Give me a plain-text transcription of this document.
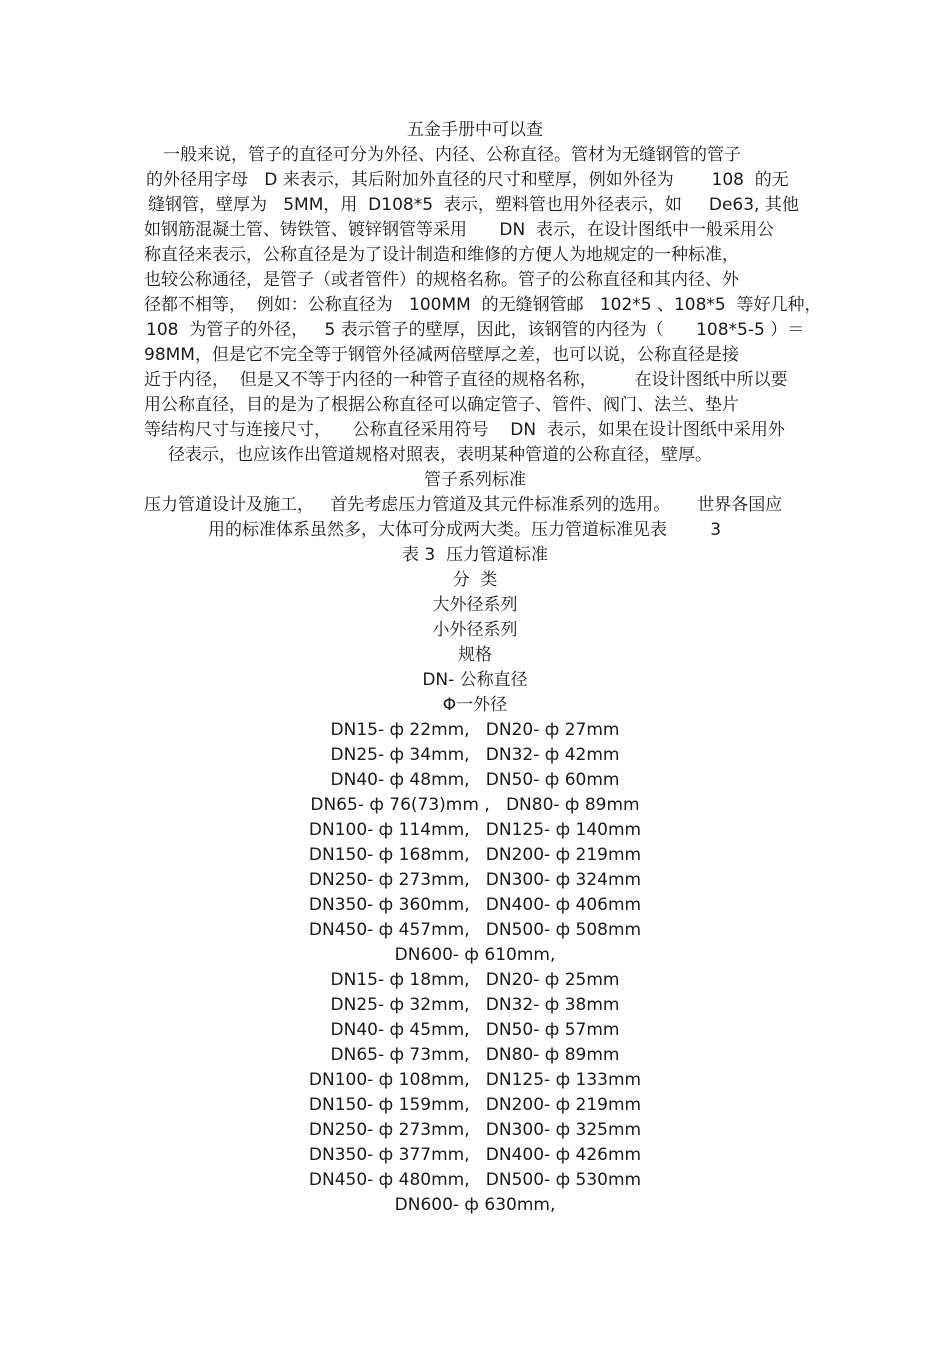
五金手册中可以查
一般来说，管子的直径可分为外径、内径、公称直径。管材为无缝钢管的管子
的外径用字母   D 来表示，其后附加外直径的尺寸和壁厚，例如外径为       108  的无
缝钢管，壁厚为   5MM，用  D108*5  表示，塑料管也用外径表示，如     De63, 其他
如钢筋混凝土管、铸铁管、镀锌钢管等采用      DN  表示，在设计图纸中一般采用公
称直径来表示，公称直径是为了设计制造和维修的方便人为地规定的一种标准，
也较公称通径，是管子（或者管件）的规格名称。管子的公称直径和其内径、外
径都不相等，  例如：公称直径为   100MM  的无缝钢管邮   102*5 、108*5  等好几种，
108  为管子的外径，   5 表示管子的壁厚，因此，该钢管的内径为（      108*5-5 ）＝
98MM，但是它不完全等于钢管外径减两倍壁厚之差，也可以说，公称直径是接
近于内径，  但是又不等于内径的一种管子直径的规格名称，       在设计图纸中所以要
用公称直径，目的是为了根据公称直径可以确定管子、管件、阀门、法兰、垫片
等结构尺寸与连接尺寸，    公称直径采用符号    DN  表示，如果在设计图纸中采用外
径表示，也应该作出管道规格对照表，表明某种管道的公称直径，壁厚。
管子系列标准
压力管道设计及施工，   首先考虑压力管道及其元件标准系列的选用。     世界各国应
用的标准体系虽然多，大体可分成两大类。压力管道标准见表        3
表 3  压力管道标准
分  类
大外径系列
小外径系列
规格
DN- 公称直径
Φ一外径
DN15- ф 22mm,   DN20- ф 27mm
DN25- ф 34mm,   DN32- ф 42mm
DN40- ф 48mm,   DN50- ф 60mm
DN65- ф 76(73)mm ,   DN80- ф 89mm
DN100- ф 114mm,   DN125- ф 140mm
DN150- ф 168mm,   DN200- ф 219mm
DN250- ф 273mm,   DN300- ф 324mm
DN350- ф 360mm,   DN400- ф 406mm
DN450- ф 457mm,   DN500- ф 508mm
DN600- ф 610mm,
DN15- ф 18mm,   DN20- ф 25mm
DN25- ф 32mm,   DN32- ф 38mm
DN40- ф 45mm,   DN50- ф 57mm
DN65- ф 73mm,   DN80- ф 89mm
DN100- ф 108mm,   DN125- ф 133mm
DN150- ф 159mm,   DN200- ф 219mm
DN250- ф 273mm,   DN300- ф 325mm
DN350- ф 377mm,   DN400- ф 426mm
DN450- ф 480mm,   DN500- ф 530mm
DN600- ф 630mm,
